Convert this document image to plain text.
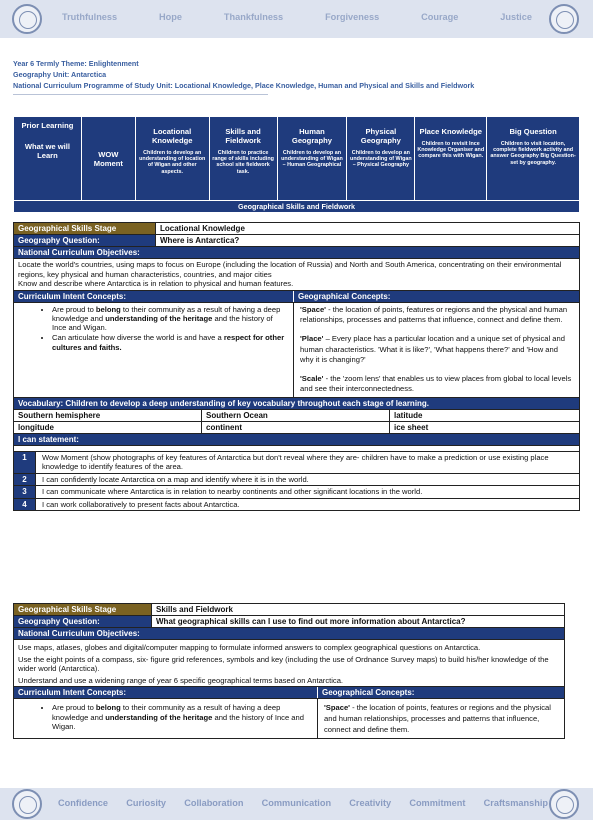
Truthfulness	Hope	Thankfulness	Forgiveness	Courage	Justice
Year 6 Termly Theme: Enlightenment
Geography Unit: Antarctica
National Curriculum Programme of Study Unit: Locational Knowledge, Place Knowledge, Human and Physical and Skills and Fieldwork
Prior Learning
What we will Learn	WOW Moment

Locational Knowledge
Children to develop an understanding of location of Wigan and other aspects.

Skills and Fieldwork
Children to practice range of skills including school site fieldwork task.

Human Geography
Children to develop an understanding of Wigan – Human Geographical

Physical Geography
Children to develop an understanding of Wigan – Physical Geography

Place Knowledge
Children to revisit Ince Knowledge Organiser and compare this with Wigan.

Big Question
Children to visit location, complete fieldwork activity and answer Geography Big Question- set by geography.

Geographical Skills and Fieldwork
Geographical Skills Stage	Locational Knowledge
Geography Question:	Where is Antarctica?
National Curriculum Objectives:
Locate the world's countries, using maps to focus on Europe (including the location of Russia) and North and South America, concentrating on their environmental regions, key physical and human characteristics, countries, and major cities
Know and describe where Antarctica is in relation to physical and human features.
Curriculum Intent Concepts:	Geographical Concepts:
• Are proud to belong to their community as a result of having a deep knowledge and understanding of the heritage and the history of Ince and Wigan.
• Can articulate how diverse the world is and have a respect for other cultures and faiths.
'Space' - the location of points, features or regions and the physical and human relationships, processes and patterns that influence, connect and define them.
'Place' – Every place has a particular location and a unique set of physical and human characteristics. 'What it is like?', 'What happens there?' and 'How and why it is changing?'
'Scale' - the 'zoom lens' that enables us to view places from global to local levels and see their interconnectedness.
Vocabulary: Children to develop a deep understanding of key vocabulary throughout each stage of learning.
Southern hemisphere	Southern Ocean	latitude
longitude	continent	ice sheet
I can statement:
1	Wow Moment (show photographs of key features of Antarctica but don't reveal where they are- children have to make a prediction or use existing place knowledge to identify features of the area.
2	I can confidently locate Antarctica on a map and identify where it is in the world.
3	I can communicate where Antarctica is in relation to nearby continents and other significant locations in the world.
4	I can work collaboratively to present facts about Antarctica.
Geographical Skills Stage	Skills and Fieldwork
Geography Question:	What geographical skills can I use to find out more information about Antarctica?
National Curriculum Objectives:
Use maps, atlases, globes and digital/computer mapping to formulate informed answers to complex geographical questions on Antarctica.
Use the eight points of a compass, six- figure grid references, symbols and key (including the use of Ordnance Survey maps) to build his/her knowledge of the wider world (Antarctica).
Understand and use a widening range of year 6 specific geographical terms based on Antarctica.
Curriculum Intent Concepts:	Geographical Concepts:
• Are proud to belong to their community as a result of having a deep knowledge and understanding of the heritage and the history of Ince and Wigan.
'Space' - the location of points, features or regions and the physical and human relationships, processes and patterns that influence, connect and define them.
Confidence Curiosity Collaboration Communication Creativity Commitment Craftsmanship
